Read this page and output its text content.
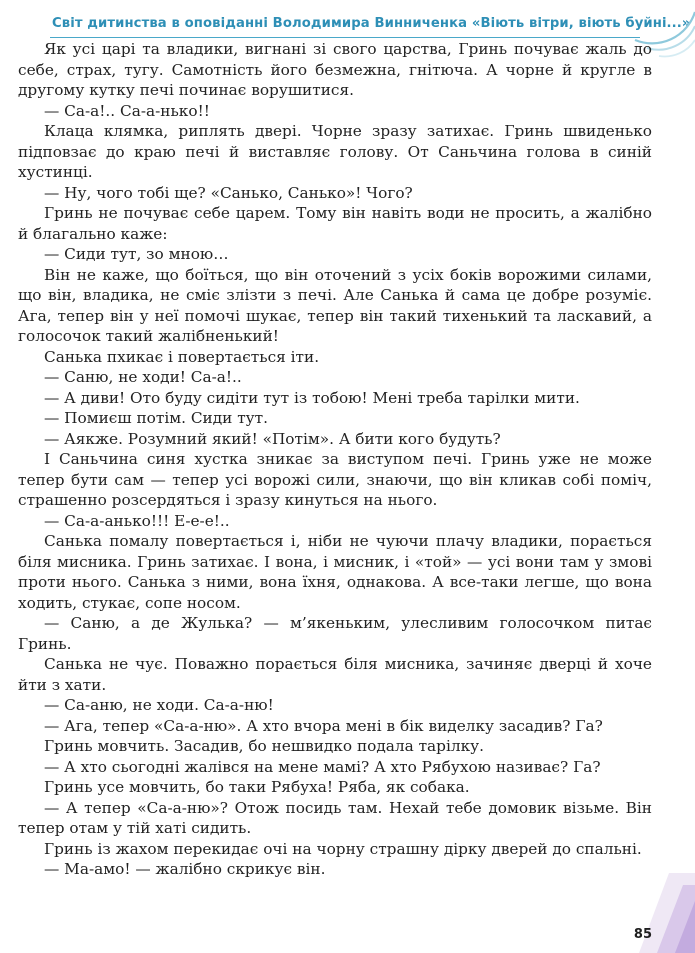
Світ дитинства в оповіданні Володимира Винниченка «Віють вітри, віють буйні...»

Як усі царі та владики, вигнані зі свого царства, Гринь почуває жаль до себе, страх, тугу. Самотність його безмежна, гнітюча. А чорне й кругле в другому кутку печі починає ворушитися.

— Са-а!.. Са-а-нько!!

Клаца клямка, риплять двері. Чорне зразу затихає. Гринь швиденько підповзає до краю печі й виставляє голову. От Саньчина голова в синій хустинці.

— Ну, чого тобі ще? «Санько, Санько»! Чого?

Гринь не почуває себе царем. Тому він навіть води не просить, а жалібно й благально каже:

— Сиди тут, зо мною…

Він не каже, що боїться, що він оточений з усіх боків ворожими силами, що він, владика, не сміє злізти з печі. Але Санька й сама це добре розуміє. Ага, тепер він у неї помочі шукає, тепер він такий тихенький та ласкавий, а голосочок такий жалібненький!

Санька пхикає і повертається іти.

— Саню, не ходи! Са-а!..

— А диви! Ото буду сидіти тут із тобою! Мені треба тарілки мити.

— Помиєш потім. Сиди тут.

— Аякже. Розумний який! «Потім». А бити кого будуть?

І Саньчина синя хустка зникає за виступом печі. Гринь уже не може тепер бути сам — тепер усі ворожі сили, знаючи, що він кликав собі поміч, страшенно розсердяться і зразу кинуться на нього.

— Са-а-анько!!! Е-е-е!..

Санька помалу повертається і, ніби не чуючи плачу владики, порається біля мисника. Гринь затихає. І вона, і мисник, і «той» — усі вони там у змові проти нього. Санька з ними, вона їхня, однакова. А все-таки легше, що вона ходить, стукає, сопе носом.

— Саню, а де Жулька? — м’якеньким, улесливим голосочком питає Гринь.

Санька не чує. Поважно порається біля мисника, зачиняє дверці й хоче йти з хати.

— Са-аню, не ходи. Са-а-ню!

— Ага, тепер «Са-а-ню». А хто вчора мені в бік виделку засадив? Га?

Гринь мовчить. Засадив, бо нешвидко подала тарілку.

— А хто сьогодні жалівся на мене мамі? А хто Рябухою називає? Га?

Гринь усе мовчить, бо таки Рябуха! Ряба, як собака.

— А тепер «Са-а-ню»? Отож посидь там. Нехай тебе домовик візьме. Він тепер отам у тій хаті сидить.

Гринь із жахом перекидає очі на чорну страшну дірку дверей до спальні.

— Ма-амо! — жалібно скрикує він.

85
